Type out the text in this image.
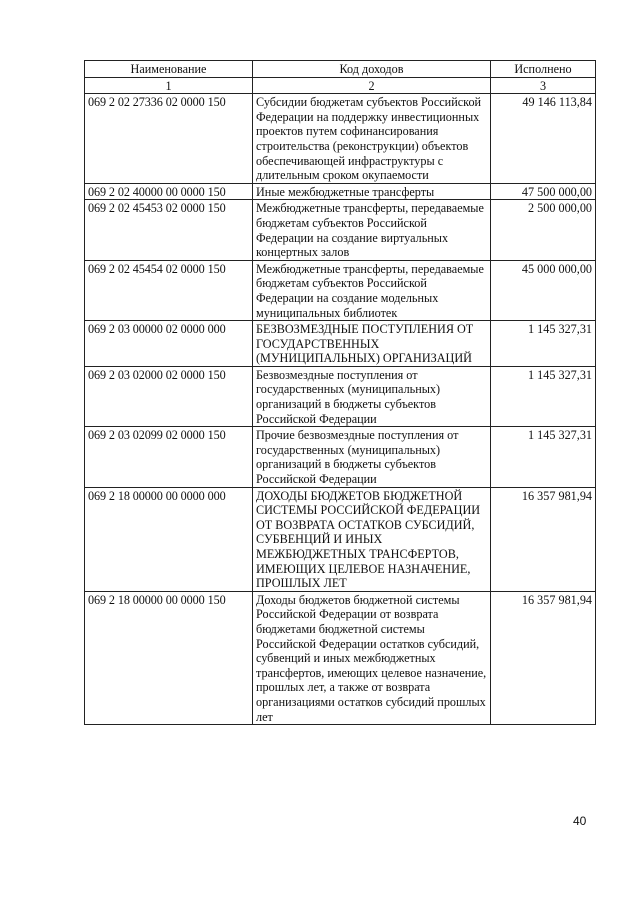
Наименование	Код доходов	Исполнено
1	2	3
069 2 02 27336 02 0000 150	Субсидии бюджетам субъектов Российской Федерации на поддержку инвестиционных проектов путем софинансирования строительства (реконструкции) объектов обеспечивающей инфраструктуры с длительным сроком окупаемости	49 146 113,84
069 2 02 40000 00 0000 150	Иные межбюджетные трансферты	47 500 000,00
069 2 02 45453 02 0000 150	Межбюджетные трансферты, передаваемые бюджетам субъектов Российской Федерации на создание виртуальных концертных залов	2 500 000,00
069 2 02 45454 02 0000 150	Межбюджетные трансферты, передаваемые бюджетам субъектов Российской Федерации на создание модельных муниципальных библиотек	45 000 000,00
069 2 03 00000 02 0000 000	БЕЗВОЗМЕЗДНЫЕ ПОСТУПЛЕНИЯ ОТ ГОСУДАРСТВЕННЫХ (МУНИЦИПАЛЬНЫХ) ОРГАНИЗАЦИЙ	1 145 327,31
069 2 03 02000 02 0000 150	Безвозмездные поступления от государственных (муниципальных) организаций в бюджеты субъектов Российской Федерации	1 145 327,31
069 2 03 02099 02 0000 150	Прочие безвозмездные поступления от государственных (муниципальных) организаций в бюджеты субъектов Российской Федерации	1 145 327,31
069 2 18 00000 00 0000 000	ДОХОДЫ БЮДЖЕТОВ БЮДЖЕТНОЙ СИСТЕМЫ РОССИЙСКОЙ ФЕДЕРАЦИИ ОТ ВОЗВРАТА ОСТАТКОВ СУБСИДИЙ, СУБВЕНЦИЙ И ИНЫХ МЕЖБЮДЖЕТНЫХ ТРАНСФЕРТОВ, ИМЕЮЩИХ ЦЕЛЕВОЕ НАЗНАЧЕНИЕ, ПРОШЛЫХ ЛЕТ	16 357 981,94
069 2 18 00000 00 0000 150	Доходы бюджетов бюджетной системы Российской Федерации от возврата бюджетами бюджетной системы Российской Федерации остатков субсидий, субвенций и иных межбюджетных трансфертов, имеющих целевое назначение, прошлых лет, а также от возврата организациями остатков субсидий прошлых лет	16 357 981,94
40
